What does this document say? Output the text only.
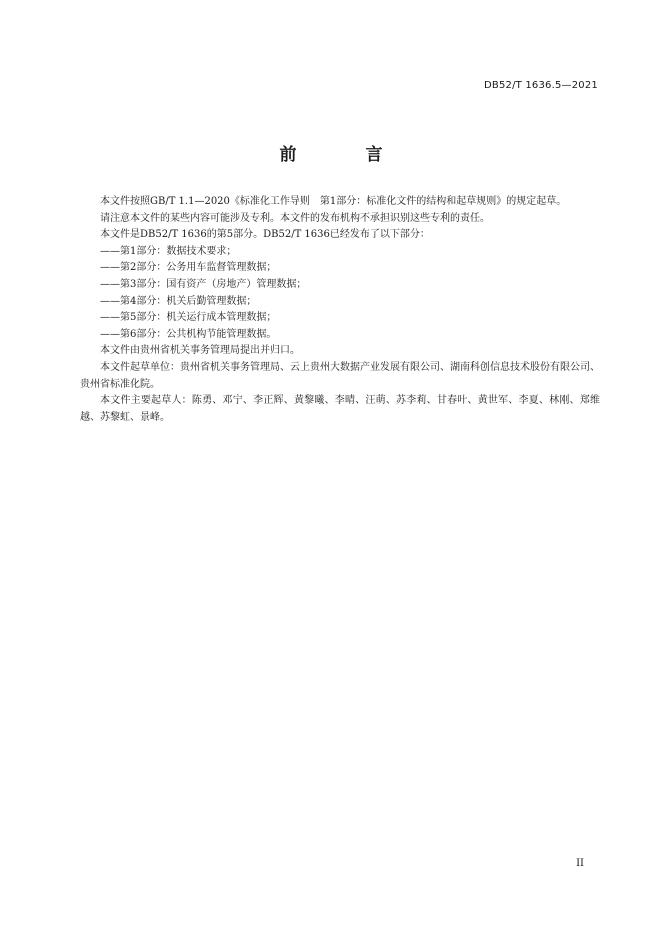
DB52/T 1636.5—2021
前　言

本文件按照GB/T 1.1—2020《标准化工作导则　第1部分：标准化文件的结构和起草规则》的规定起草。

请注意本文件的某些内容可能涉及专利。本文件的发布机构不承担识别这些专利的责任。

本文件是DB52/T 1636的第5部分。DB52/T 1636已经发布了以下部分：

——第1部分：数据技术要求；

——第2部分：公务用车监督管理数据；

——第3部分：国有资产（房地产）管理数据；

——第4部分：机关后勤管理数据；

——第5部分：机关运行成本管理数据；

——第6部分：公共机构节能管理数据。

本文件由贵州省机关事务管理局提出并归口。

本文件起草单位：贵州省机关事务管理局、云上贵州大数据产业发展有限公司、湖南科创信息技术股份有限公司、贵州省标准化院。

本文件主要起草人：陈勇、邓宁、李正辉、黄黎曦、李晴、汪萌、苏李莉、甘春叶、黄世军、李夏、林刚、郑维越、苏黎虹、景峰。

II
